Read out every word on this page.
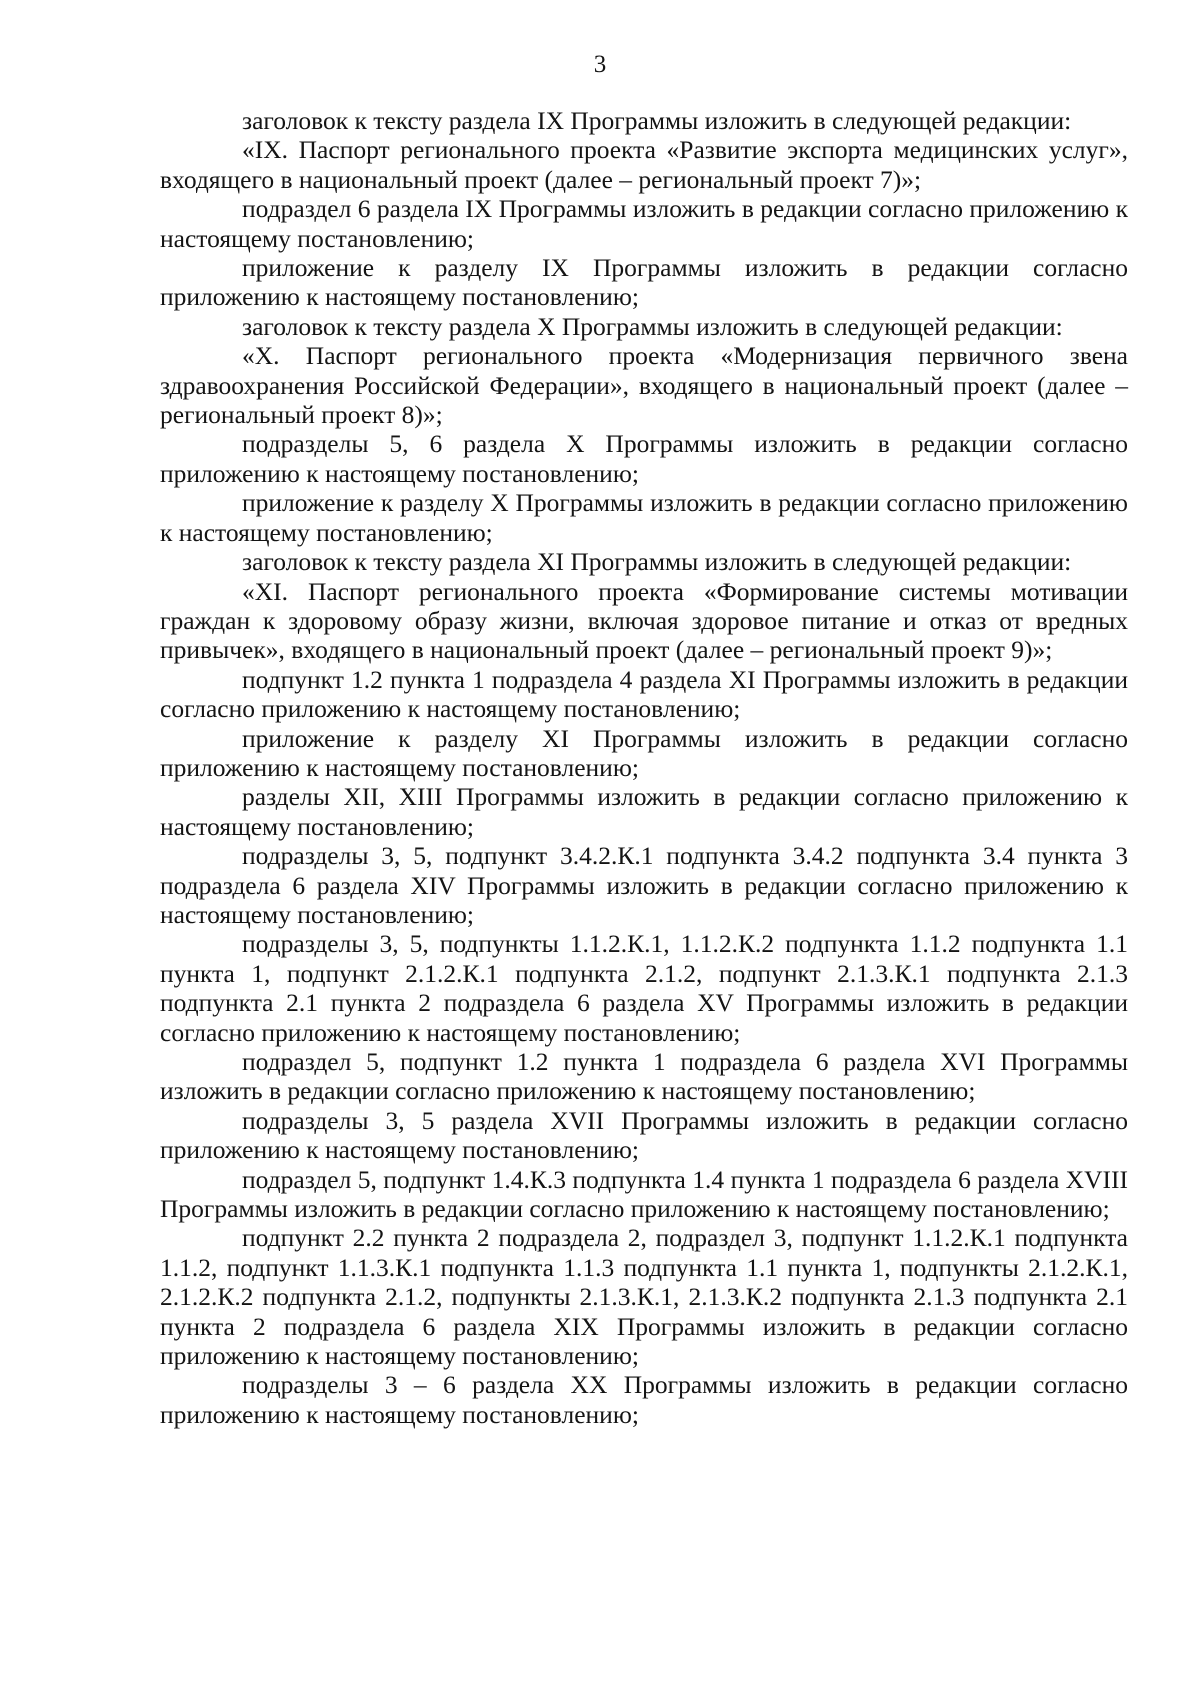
3

заголовок к тексту раздела IX Программы изложить в следующей редакции:

«IX. Паспорт регионального проекта «Развитие экспорта медицинских услуг», входящего в национальный проект (далее – региональный проект 7)»;

подраздел 6 раздела IX Программы изложить в редакции согласно приложению к настоящему постановлению;

приложение к разделу IX Программы изложить в редакции согласно приложению к настоящему постановлению;

заголовок к тексту раздела X Программы изложить в следующей редакции:

«X. Паспорт регионального проекта «Модернизация первичного звена здравоохранения Российской Федерации», входящего в национальный проект (далее – региональный проект 8)»;

подразделы 5, 6 раздела X Программы изложить в редакции согласно приложению к настоящему постановлению;

приложение к разделу X Программы изложить в редакции согласно приложению к настоящему постановлению;

заголовок к тексту раздела XI Программы изложить в следующей редакции:

«XI. Паспорт регионального проекта «Формирование системы мотивации граждан к здоровому образу жизни, включая здоровое питание и отказ от вредных привычек», входящего в национальный проект (далее – региональный проект 9)»;

подпункт 1.2 пункта 1 подраздела 4 раздела XI Программы изложить в редакции согласно приложению к настоящему постановлению;

приложение к разделу XI Программы изложить в редакции согласно приложению к настоящему постановлению;

разделы XII, XIII Программы изложить в редакции согласно приложению к настоящему постановлению;

подразделы 3, 5, подпункт 3.4.2.К.1 подпункта 3.4.2 подпункта 3.4 пункта 3 подраздела 6 раздела XIV Программы изложить в редакции согласно приложению к настоящему постановлению;

подразделы 3, 5, подпункты 1.1.2.К.1, 1.1.2.К.2 подпункта 1.1.2 подпункта 1.1 пункта 1, подпункт 2.1.2.К.1 подпункта 2.1.2, подпункт 2.1.3.К.1 подпункта 2.1.3 подпункта 2.1 пункта 2 подраздела 6 раздела XV Программы изложить в редакции согласно приложению к настоящему постановлению;

подраздел 5, подпункт 1.2 пункта 1 подраздела 6 раздела XVI Программы изложить в редакции согласно приложению к настоящему постановлению;

подразделы 3, 5 раздела XVII Программы изложить в редакции согласно приложению к настоящему постановлению;

подраздел 5, подпункт 1.4.К.3 подпункта 1.4 пункта 1 подраздела 6 раздела XVIII Программы изложить в редакции согласно приложению к настоящему постановлению;

подпункт 2.2 пункта 2 подраздела 2, подраздел 3, подпункт 1.1.2.К.1 подпункта 1.1.2, подпункт 1.1.3.К.1 подпункта 1.1.3 подпункта 1.1 пункта 1, подпункты 2.1.2.К.1, 2.1.2.К.2 подпункта 2.1.2, подпункты 2.1.3.К.1, 2.1.3.К.2 подпункта 2.1.3 подпункта 2.1 пункта 2 подраздела 6 раздела XIX Программы изложить в редакции согласно приложению к настоящему постановлению;

подразделы 3 – 6 раздела XX Программы изложить в редакции согласно приложению к настоящему постановлению;
